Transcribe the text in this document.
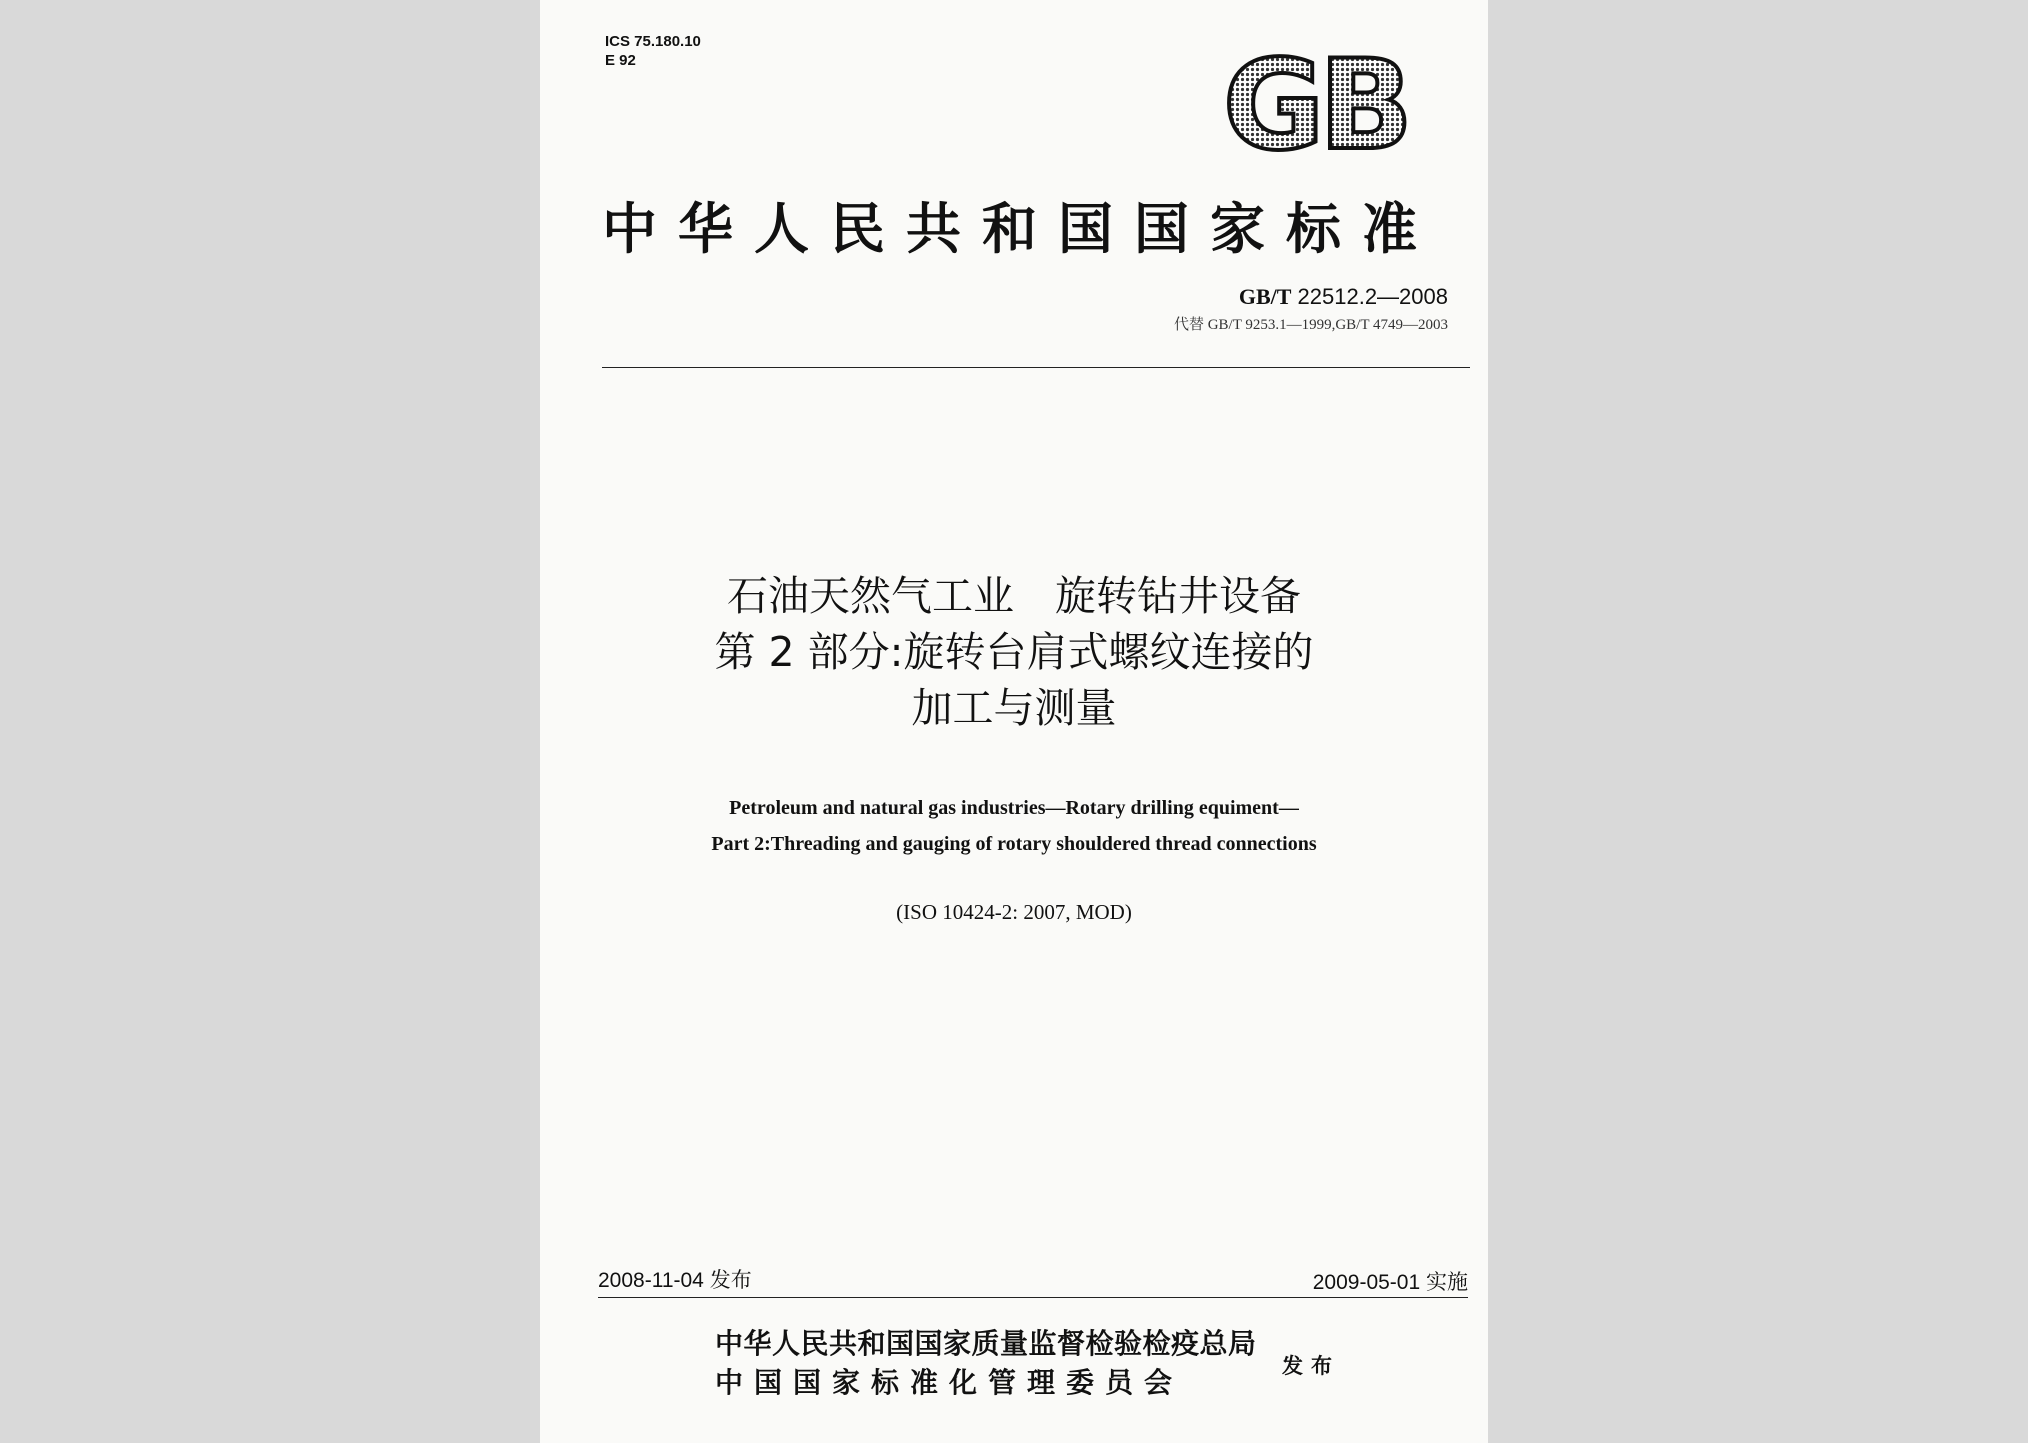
ICS 75.180.10
E 92	GB
中华人民共和国国家标准
GB/T 22512.2—2008
代替 GB/T 9253.1—1999,GB/T 4749—2003
石油天然气工业　旋转钻井设备
第 2 部分:旋转台肩式螺纹连接的
加工与测量
Petroleum and natural gas industries—Rotary drilling equiment—
Part 2:Threading and gauging of rotary shouldered thread connections
(ISO 10424-2: 2007, MOD)
2008-11-04 发布	2009-05-01 实施
中华人民共和国国家质量监督检验检疫总局
中国国家标准化管理委员会
发布
